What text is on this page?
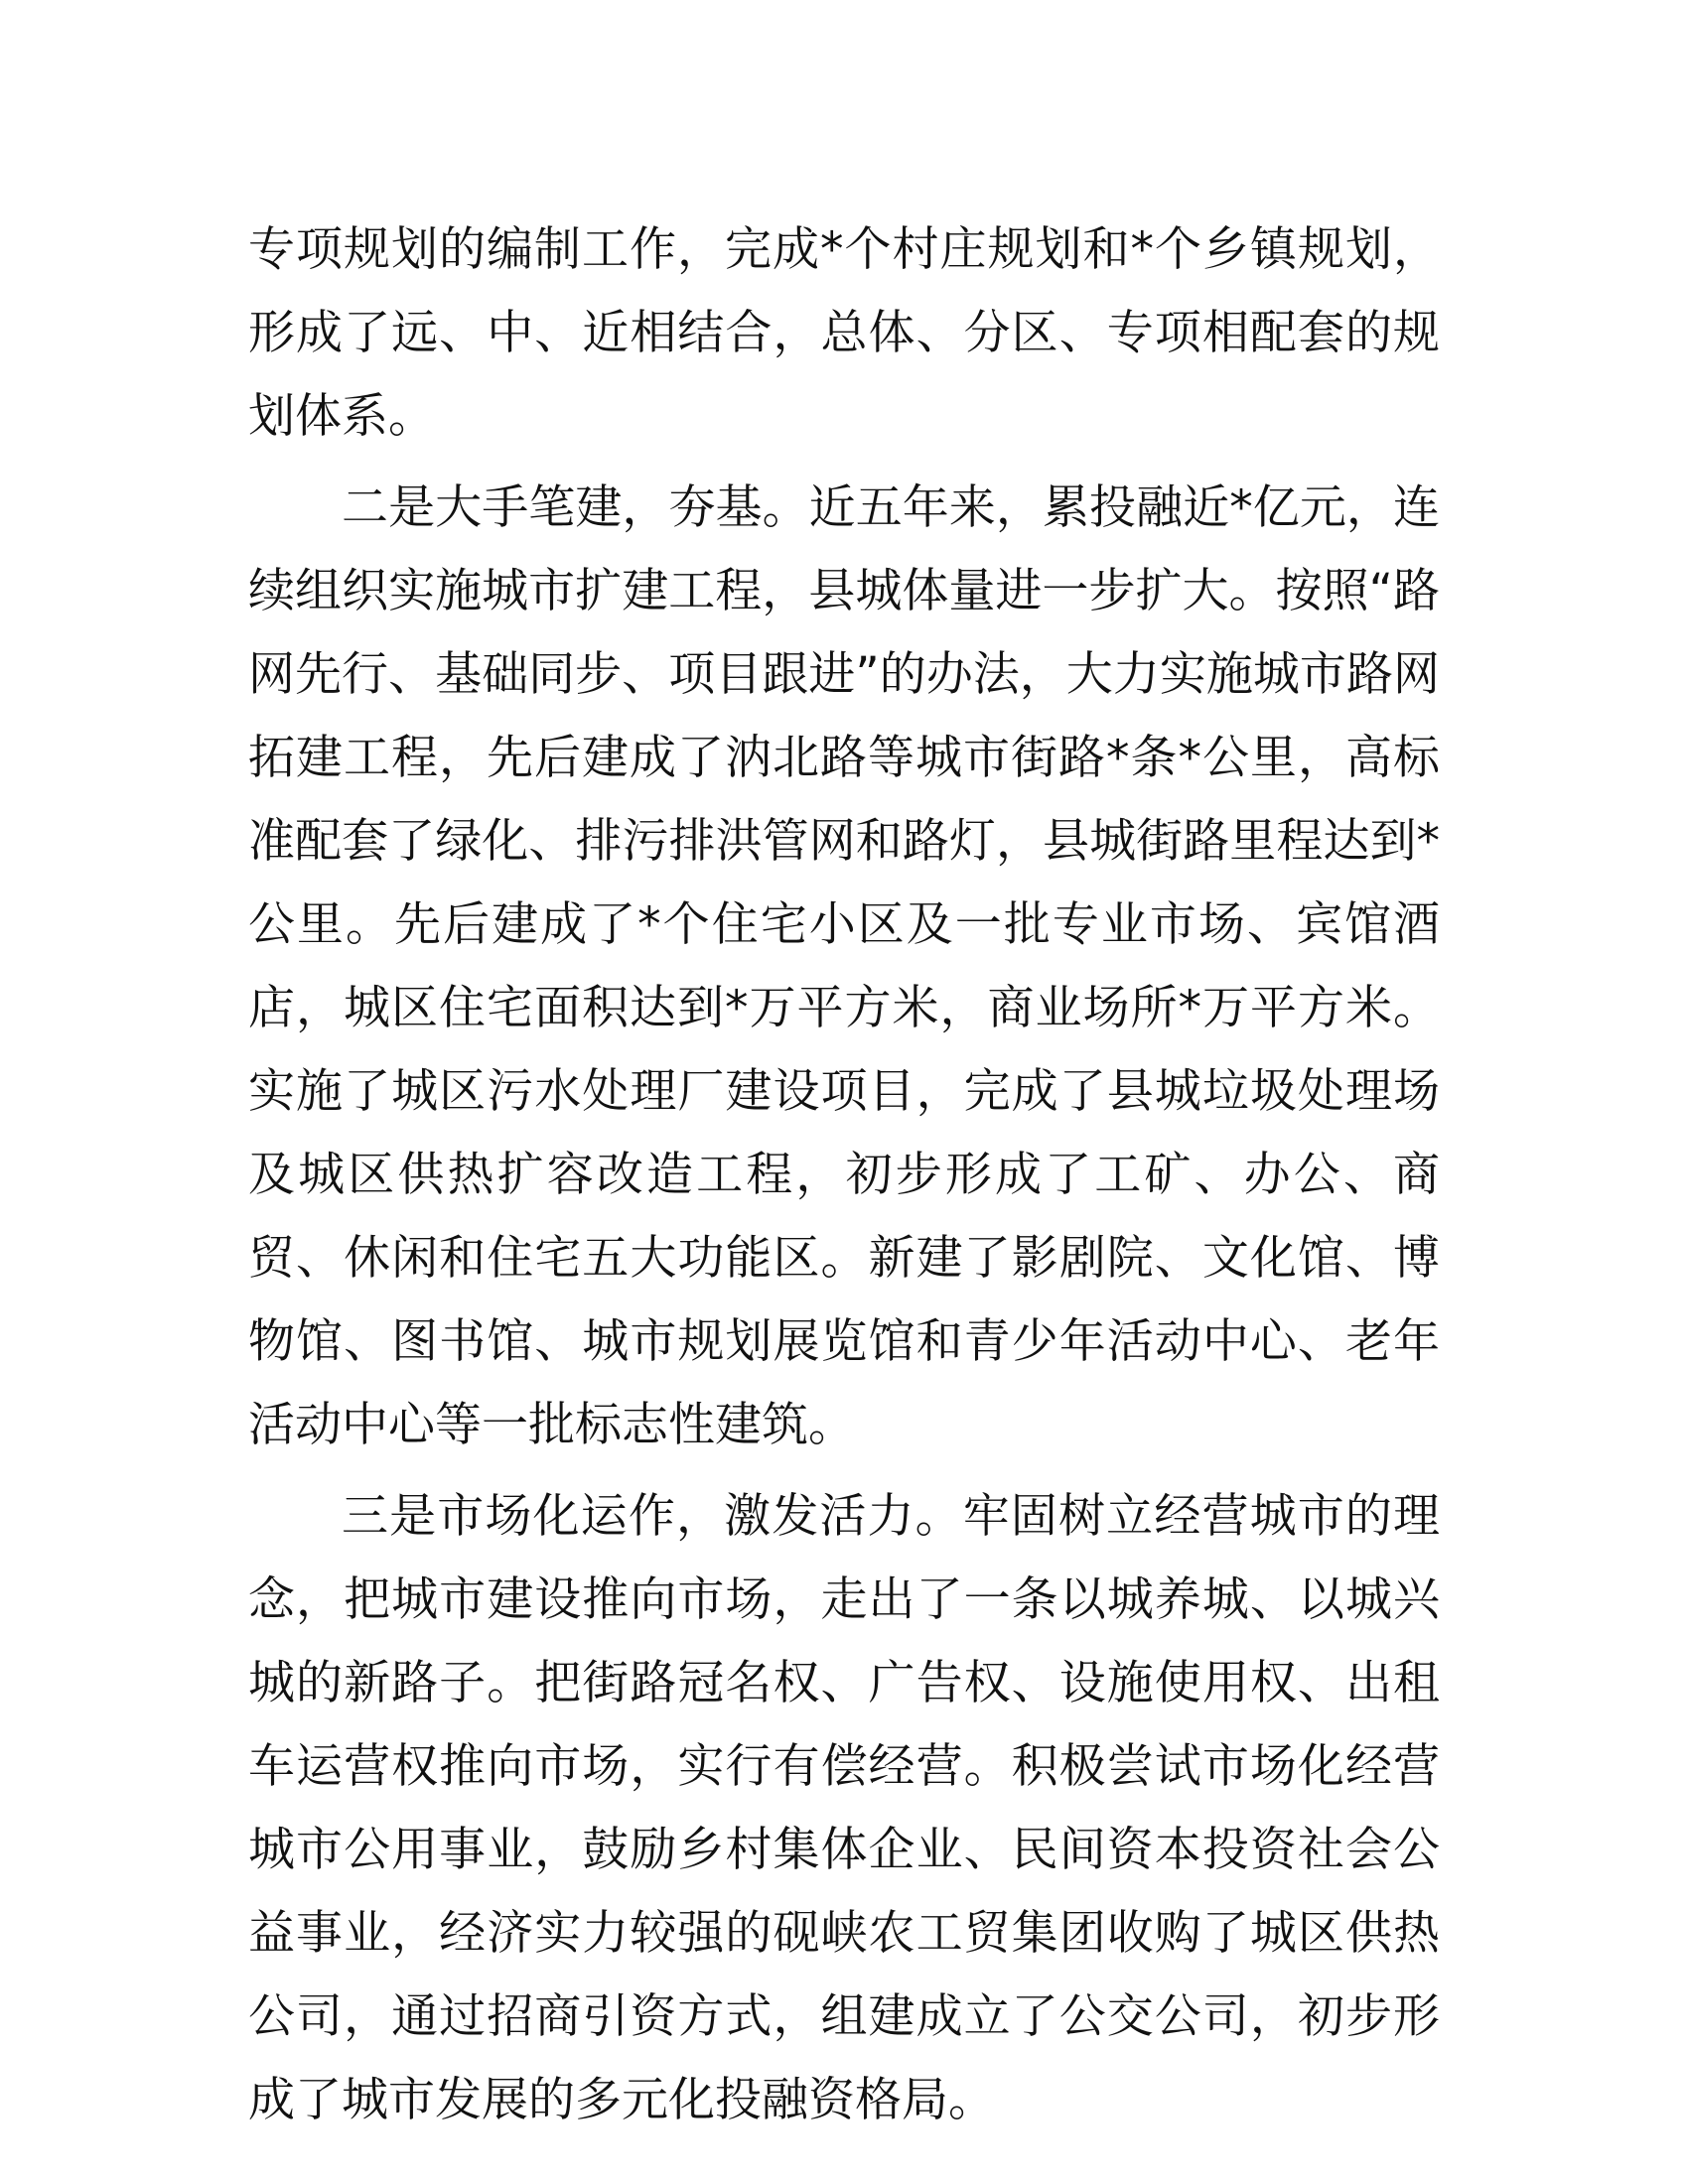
专项规划的编制工作，完成*个村庄规划和*个乡镇规划，形成了远、中、近相结合，总体、分区、专项相配套的规划体系。

二是大手笔建，夯基。近五年来，累投融近*亿元，连续组织实施城市扩建工程，县城体量进一步扩大。按照“路网先行、基础同步、项目跟进”的办法，大力实施城市路网拓建工程，先后建成了汭北路等城市街路*条*公里，高标准配套了绿化、排污排洪管网和路灯，县城街路里程达到*公里。先后建成了*个住宅小区及一批专业市场、宾馆酒店，城区住宅面积达到*万平方米，商业场所*万平方米。实施了城区污水处理厂建设项目，完成了县城垃圾处理场及城区供热扩容改造工程，初步形成了工矿、办公、商贸、休闲和住宅五大功能区。新建了影剧院、文化馆、博物馆、图书馆、城市规划展览馆和青少年活动中心、老年活动中心等一批标志性建筑。

三是市场化运作，激发活力。牢固树立经营城市的理念，把城市建设推向市场，走出了一条以城养城、以城兴城的新路子。把街路冠名权、广告权、设施使用权、出租车运营权推向市场，实行有偿经营。积极尝试市场化经营城市公用事业，鼓励乡村集体企业、民间资本投资社会公益事业，经济实力较强的砚峡农工贸集团收购了城区供热公司，通过招商引资方式，组建成立了公交公司，初步形成了城市发展的多元化投融资格局。
